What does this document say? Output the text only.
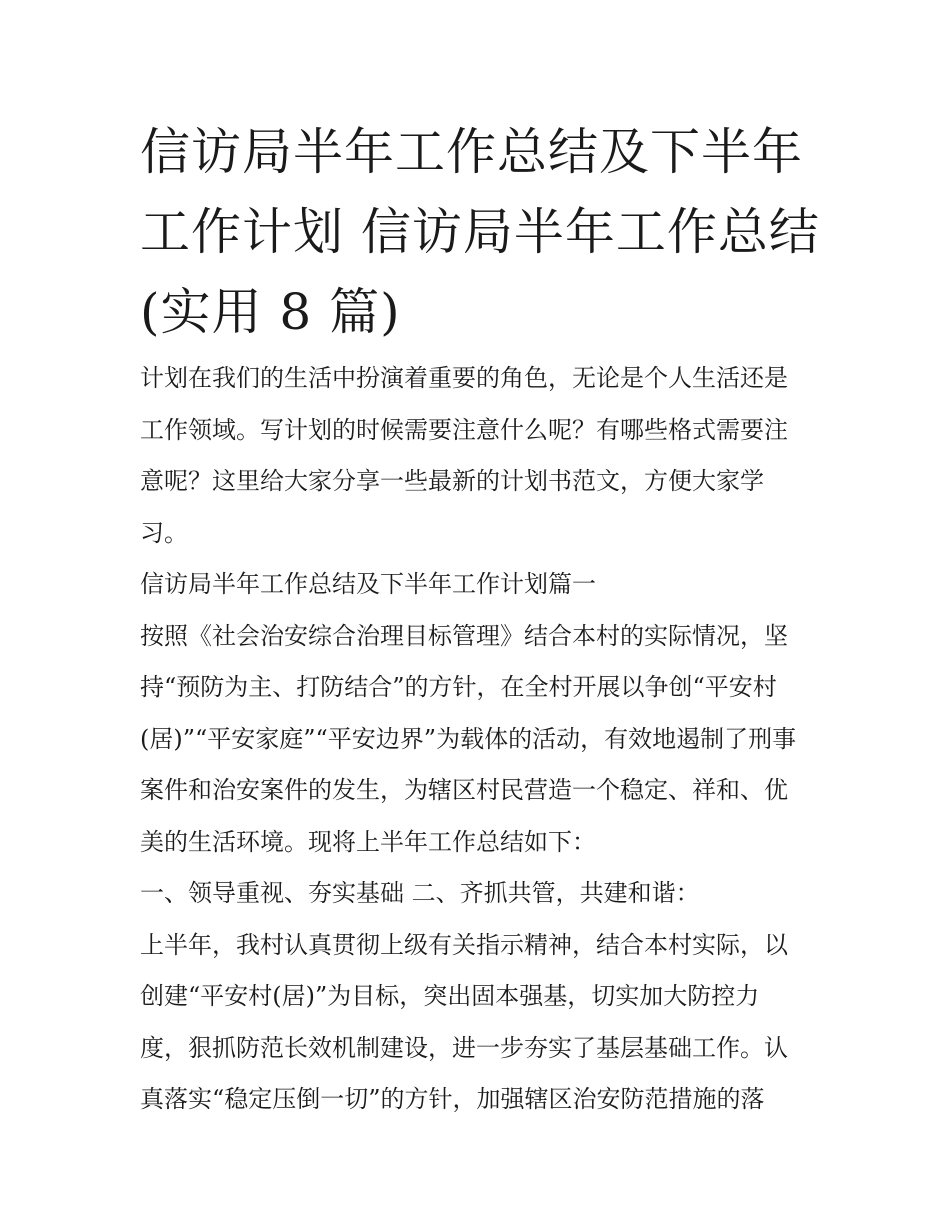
信访局半年工作总结及下半年
工作计划 信访局半年工作总结
(实用 8 篇)
计划在我们的生活中扮演着重要的角色，无论是个人生活还是
工作领域。写计划的时候需要注意什么呢？有哪些格式需要注
意呢？这里给大家分享一些最新的计划书范文，方便大家学
习。
信访局半年工作总结及下半年工作计划篇一
按照《社会治安综合治理目标管理》结合本村的实际情况，坚
持“预防为主、打防结合”的方针，在全村开展以争创“平安村
(居)”“平安家庭”“平安边界”为载体的活动，有效地遏制了刑事
案件和治安案件的发生，为辖区村民营造一个稳定、祥和、优
美的生活环境。现将上半年工作总结如下：
一、领导重视、夯实基础 二、齐抓共管，共建和谐：
上半年，我村认真贯彻上级有关指示精神，结合本村实际，以
创建“平安村(居)”为目标，突出固本强基，切实加大防控力
度，狠抓防范长效机制建设，进一步夯实了基层基础工作。认
真落实“稳定压倒一切”的方针，加强辖区治安防范措施的落
